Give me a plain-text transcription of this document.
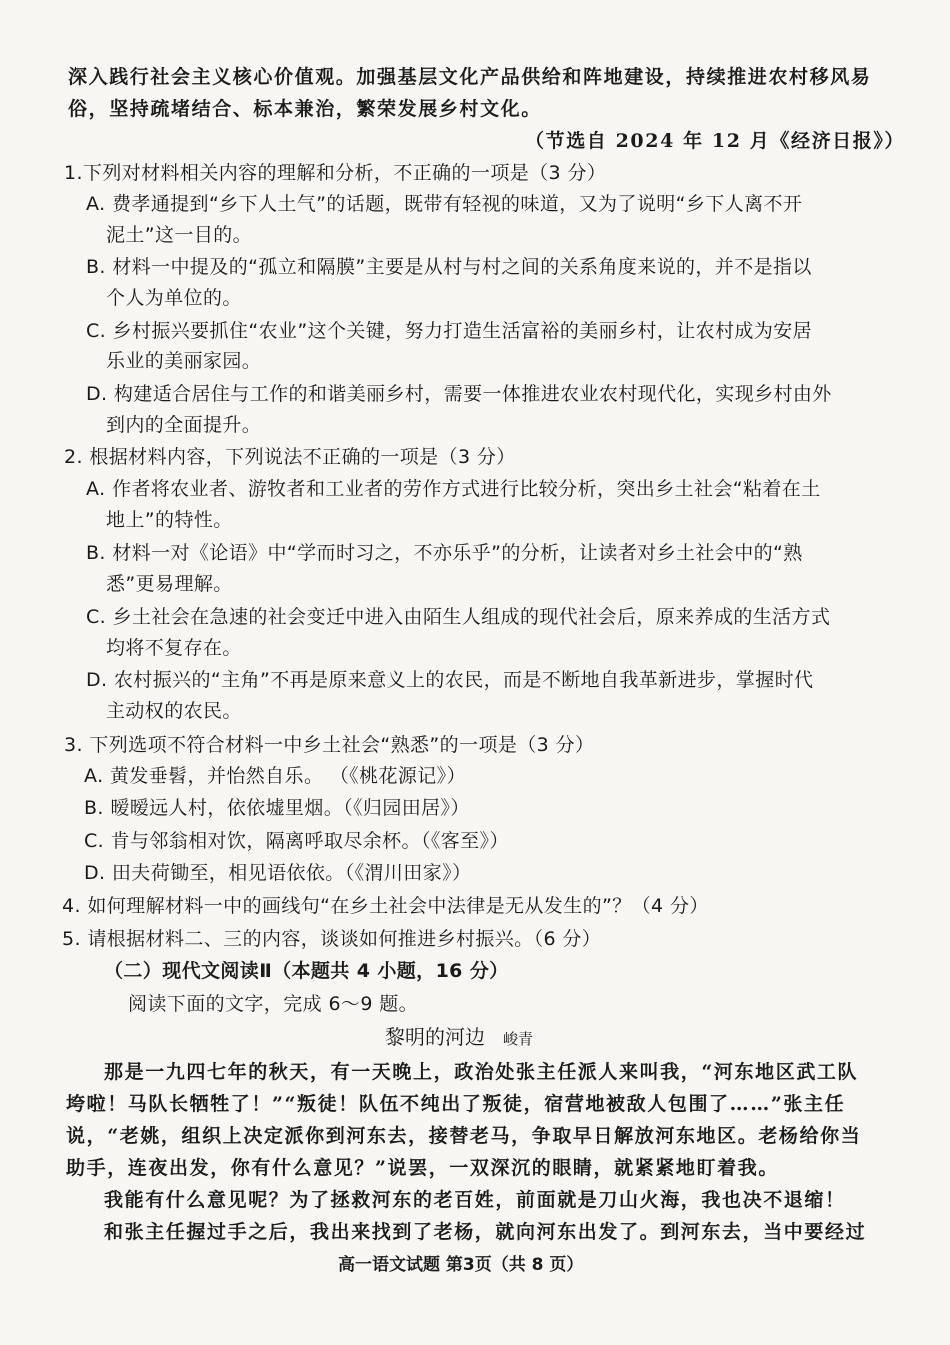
深入践行社会主义核心价值观。加强基层文化产品供给和阵地建设，持续推进农村移风易
俗，坚持疏堵结合、标本兼治，繁荣发展乡村文化。
（节选自 2024 年 12 月《经济日报》）
1.下列对材料相关内容的理解和分析，不正确的一项是（3 分）
A. 费孝通提到“乡下人土气”的话题，既带有轻视的味道，又为了说明“乡下人离不开
泥土”这一目的。
B. 材料一中提及的“孤立和隔膜”主要是从村与村之间的关系角度来说的，并不是指以
个人为单位的。
C. 乡村振兴要抓住“农业”这个关键，努力打造生活富裕的美丽乡村，让农村成为安居
乐业的美丽家园。
D. 构建适合居住与工作的和谐美丽乡村，需要一体推进农业农村现代化，实现乡村由外
到内的全面提升。
2. 根据材料内容，下列说法不正确的一项是（3 分）
A. 作者将农业者、游牧者和工业者的劳作方式进行比较分析，突出乡土社会“粘着在土
地上”的特性。
B. 材料一对《论语》中“学而时习之，不亦乐乎”的分析，让读者对乡土社会中的“熟
悉”更易理解。
C. 乡土社会在急速的社会变迁中进入由陌生人组成的现代社会后，原来养成的生活方式
均将不复存在。
D. 农村振兴的“主角”不再是原来意义上的农民，而是不断地自我革新进步，掌握时代
主动权的农民。
3. 下列选项不符合材料一中乡土社会“熟悉”的一项是（3 分）
A. 黄发垂髫，并怡然自乐。 （《桃花源记》）
B. 暧暧远人村，依依墟里烟。（《归园田居》）
C. 肯与邻翁相对饮，隔离呼取尽余杯。（《客至》）
D. 田夫荷锄至，相见语依依。（《渭川田家》）
4. 如何理解材料一中的画线句“在乡土社会中法律是无从发生的”？（4 分）
5. 请根据材料二、三的内容，谈谈如何推进乡村振兴。（6 分）
（二）现代文阅读Ⅱ（本题共 4 小题，16 分）
阅读下面的文字，完成 6～9 题。
黎明的河边 峻青
那是一九四七年的秋天，有一天晚上，政治处张主任派人来叫我，“河东地区武工队
垮啦！马队长牺牲了！”“叛徒！队伍不纯出了叛徒，宿营地被敌人包围了……”张主任
说，“老姚，组织上决定派你到河东去，接替老马，争取早日解放河东地区。老杨给你当
助手，连夜出发，你有什么意见？”说罢，一双深沉的眼睛，就紧紧地盯着我。
我能有什么意见呢？为了拯救河东的老百姓，前面就是刀山火海，我也决不退缩！
和张主任握过手之后，我出来找到了老杨，就向河东出发了。到河东去，当中要经过
高一语文试题 第3页（共 8 页）
